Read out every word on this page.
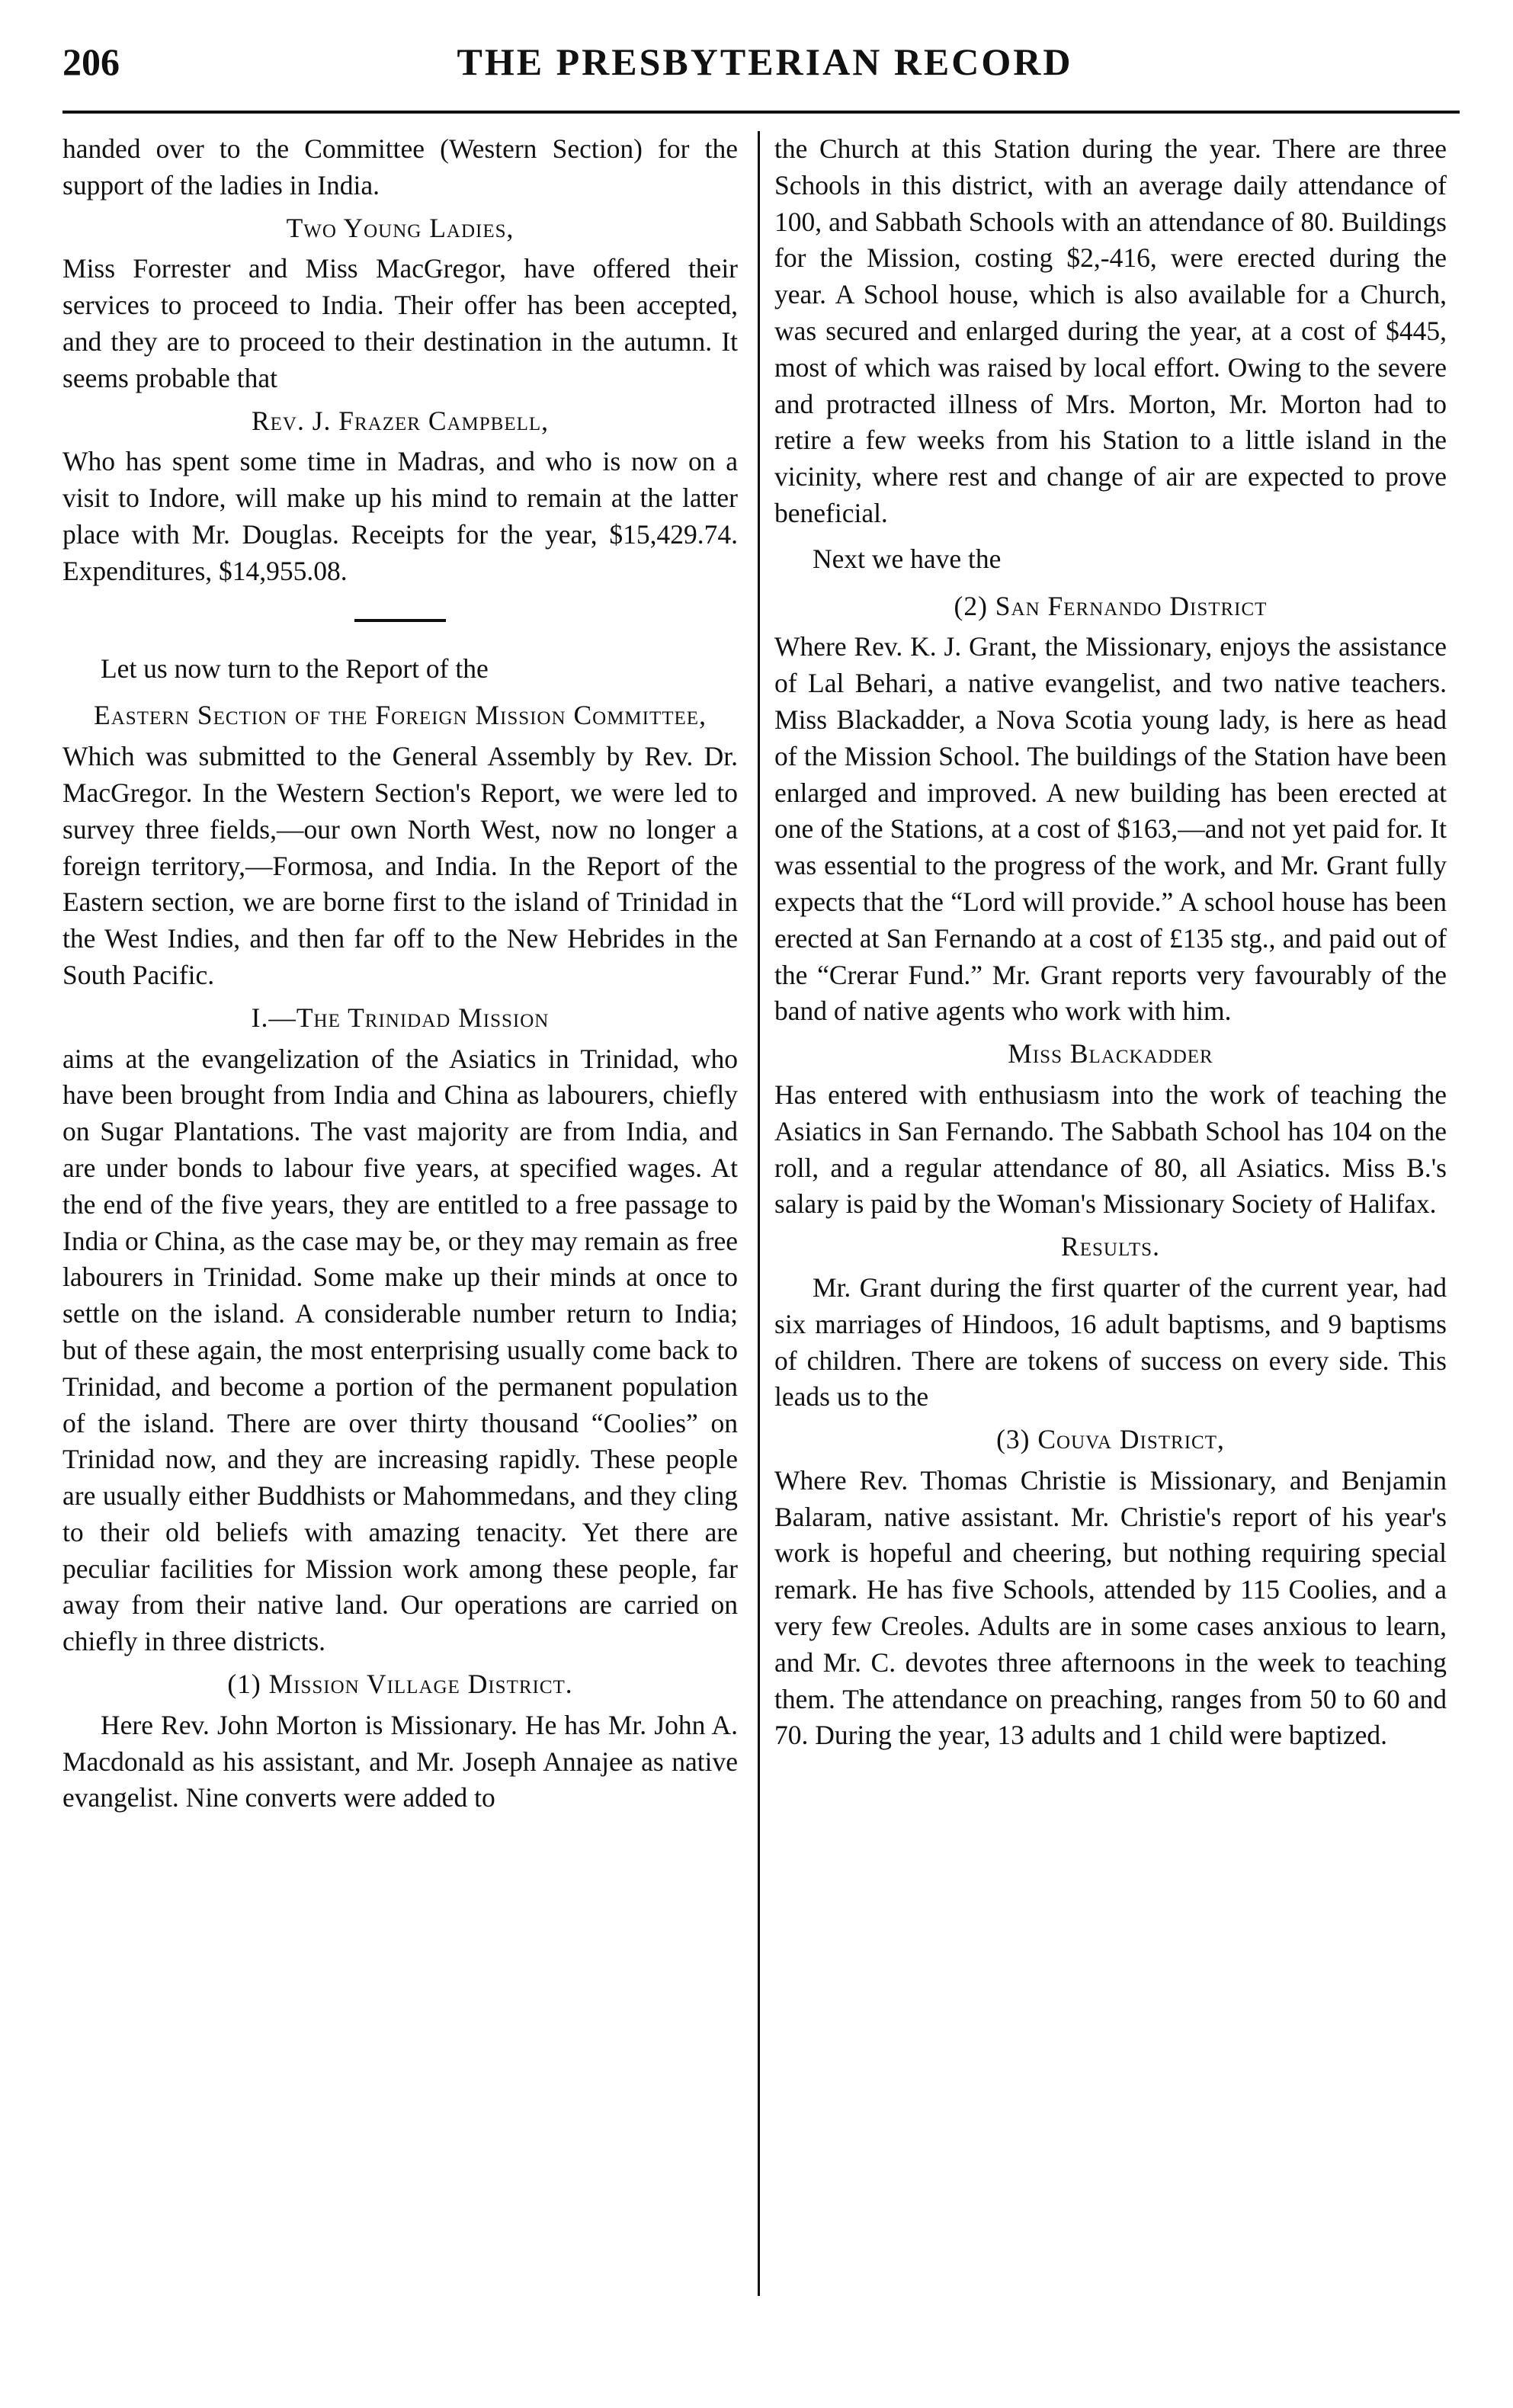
206	THE PRESBYTERIAN RECORD

handed over to the Committee (Western Section) for the support of the ladies in India.

Two Young Ladies,

Miss Forrester and Miss MacGregor, have offered their services to proceed to India. Their offer has been accepted, and they are to proceed to their destination in the autumn. It seems probable that

Rev. J. Frazer Campbell,

Who has spent some time in Madras, and who is now on a visit to Indore, will make up his mind to remain at the latter place with Mr. Douglas. Receipts for the year, $15,429.74. Expenditures, $14,955.08.

Let us now turn to the Report of the

Eastern Section of the Foreign Mission Committee,

Which was submitted to the General Assembly by Rev. Dr. MacGregor. In the Western Section's Report, we were led to survey three fields,—our own North West, now no longer a foreign territory,—Formosa, and India. In the Report of the Eastern section, we are borne first to the island of Trinidad in the West Indies, and then far off to the New Hebrides in the South Pacific.

I.—The Trinidad Mission

aims at the evangelization of the Asiatics in Trinidad, who have been brought from India and China as labourers, chiefly on Sugar Plantations. The vast majority are from India, and are under bonds to labour five years, at specified wages. At the end of the five years, they are entitled to a free passage to India or China, as the case may be, or they may remain as free labourers in Trinidad. Some make up their minds at once to settle on the island. A considerable number return to India; but of these again, the most enterprising usually come back to Trinidad, and become a portion of the permanent population of the island. There are over thirty thousand “Coolies” on Trinidad now, and they are increasing rapidly. These people are usually either Buddhists or Mahommedans, and they cling to their old beliefs with amazing tenacity. Yet there are peculiar facilities for Mission work among these people, far away from their native land. Our operations are carried on chiefly in three districts.

(1) Mission Village District.

Here Rev. John Morton is Missionary. He has Mr. John A. Macdonald as his assistant, and Mr. Joseph Annajee as native evangelist. Nine converts were added to

the Church at this Station during the year. There are three Schools in this district, with an average daily attendance of 100, and Sabbath Schools with an attendance of 80. Buildings for the Mission, costing $2,-416, were erected during the year. A School house, which is also available for a Church, was secured and enlarged during the year, at a cost of $445, most of which was raised by local effort. Owing to the severe and protracted illness of Mrs. Morton, Mr. Morton had to retire a few weeks from his Station to a little island in the vicinity, where rest and change of air are expected to prove beneficial.

Next we have the

(2) San Fernando District

Where Rev. K. J. Grant, the Missionary, enjoys the assistance of Lal Behari, a native evangelist, and two native teachers. Miss Blackadder, a Nova Scotia young lady, is here as head of the Mission School. The buildings of the Station have been enlarged and improved. A new building has been erected at one of the Stations, at a cost of $163,—and not yet paid for. It was essential to the progress of the work, and Mr. Grant fully expects that the “Lord will provide.” A school house has been erected at San Fernando at a cost of £135 stg., and paid out of the “Crerar Fund.” Mr. Grant reports very favourably of the band of native agents who work with him.

Miss Blackadder

Has entered with enthusiasm into the work of teaching the Asiatics in San Fernando. The Sabbath School has 104 on the roll, and a regular attendance of 80, all Asiatics. Miss B.'s salary is paid by the Woman's Missionary Society of Halifax.

Results.

Mr. Grant during the first quarter of the current year, had six marriages of Hindoos, 16 adult baptisms, and 9 baptisms of children. There are tokens of success on every side. This leads us to the

(3) Couva District,

Where Rev. Thomas Christie is Missionary, and Benjamin Balaram, native assistant. Mr. Christie's report of his year's work is hopeful and cheering, but nothing requiring special remark. He has five Schools, attended by 115 Coolies, and a very few Creoles. Adults are in some cases anxious to learn, and Mr. C. devotes three afternoons in the week to teaching them. The attendance on preaching, ranges from 50 to 60 and 70. During the year, 13 adults and 1 child were baptized.
